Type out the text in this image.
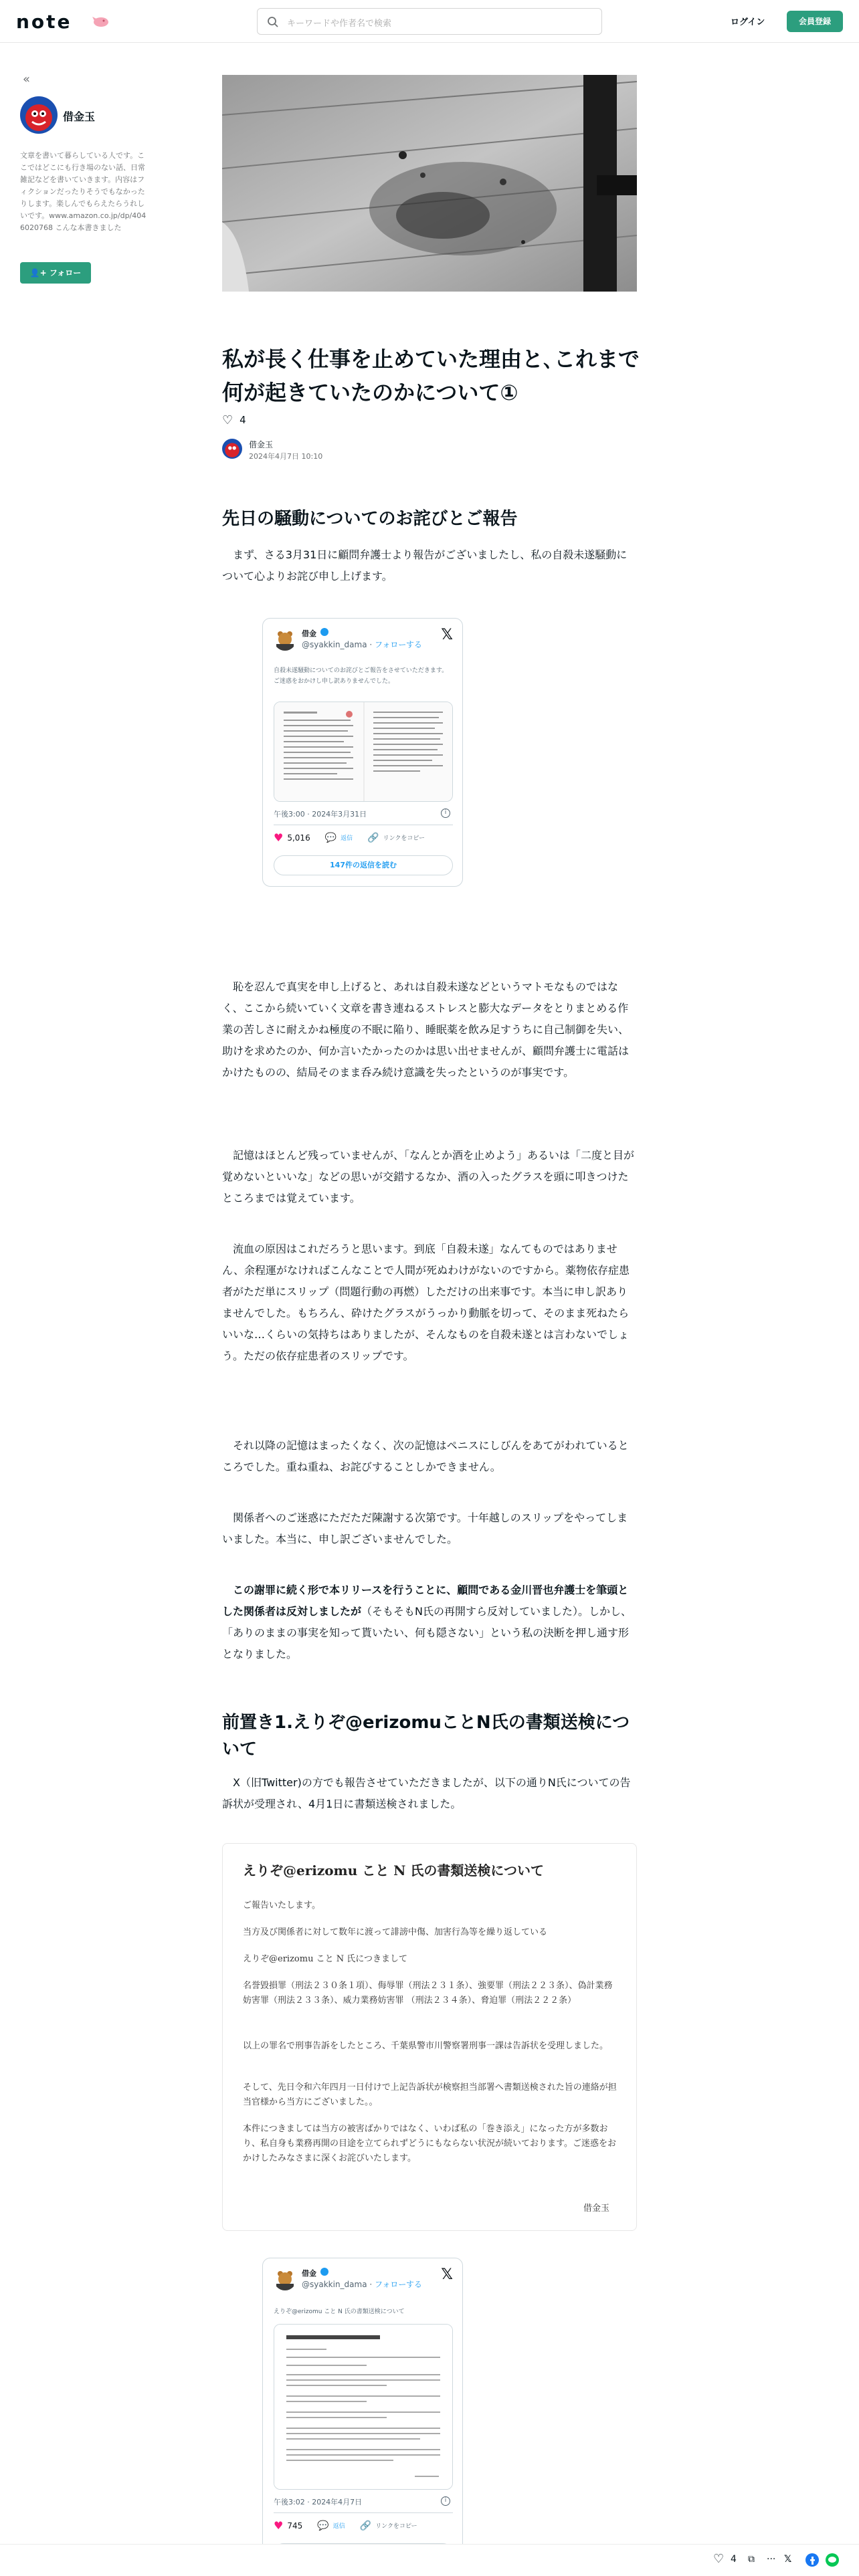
note	キーワードや作者名で検索	ログイン	会員登録
«
借金玉
文章を書いて暮らしている人です。ここではどこにも行き場のない話、日常雑記などを書いていきます。内容はフィクションだったりそうでもなかったりします。楽しんでもらえたらうれしいです。www.amazon.co.jp/dp/4046020768 こんな本書きました
👤+ フォロー
私が長く仕事を止めていた理由と､これまで何が起きていたのかについて①
♡ 4
借金玉
2024年4月7日 10:10
先日の騒動についてのお詫びとご報告

　まず、さる3月31日に顧問弁護士より報告がございましたし、私の自殺未遂騒動について心よりお詫び申し上げます。

借金
@syakkin_dama · フォローする
𝕏
自殺未遂騒動についてのお詫びとご報告をさせていただきます。ご迷惑をおかけし申し訳ありませんでした。
午後3:00 · 2024年3月31日	i
♥ 5,016 💬 返信 🔗 リンクをコピー
147件の返信を読む

　恥を忍んで真実を申し上げると、あれは自殺未遂などというマトモなものではなく、ここから続いていく文章を書き連ねるストレスと膨大なデータをとりまとめる作業の苦しさに耐えかね極度の不眠に陥り、睡眠薬を飲み足すうちに自己制御を失い、助けを求めたのか、何か言いたかったのかは思い出せませんが、顧問弁護士に電話はかけたものの、結局そのまま呑み続け意識を失ったというのが事実です。

　記憶はほとんど残っていませんが、「なんとか酒を止めよう」あるいは「二度と目が覚めないといいな」などの思いが交錯するなか、酒の入ったグラスを頭に叩きつけたところまでは覚えています。

　流血の原因はこれだろうと思います。到底「自殺未遂」なんてものではありません、余程運がなければこんなことで人間が死ぬわけがないのですから。薬物依存症患者がただ単にスリップ（問題行動の再燃）しただけの出来事です。本当に申し訳ありませんでした。もちろん、砕けたグラスがうっかり動脈を切って、そのまま死ねたらいいな…くらいの気持ちはありましたが、そんなものを自殺未遂とは言わないでしょう。ただの依存症患者のスリップです。

　それ以降の記憶はまったくなく、次の記憶はペニスにしびんをあてがわれているところでした。重ね重ね、お詫びすることしかできません。

　関係者へのご迷惑にただただ陳謝する次第です。十年越しのスリップをやってしまいました。本当に、申し訳ございませんでした。

　この謝罪に続く形で本リリースを行うことに、顧問である金川晋也弁護士を筆頭とした関係者は反対しましたが（そもそもN氏の再開すら反対していました）。しかし、「ありのままの事実を知って貰いたい、何も隠さない」という私の決断を押し通す形となりました。

前置き1.えりぞ@erizomuことN氏の書類送検について

　X（旧Twitter)の方でも報告させていただきましたが、以下の通りN氏についての告訴状が受理され、4月1日に書類送検されました。

えりぞ@erizomu こと N 氏の書類送検について
ご報告いたします。
当方及び関係者に対して数年に渡って誹謗中傷、加害行為等を繰り返している
えりぞ@erizomu こと N 氏につきまして
名誉毀損罪（刑法２３０条１項）、侮辱罪（刑法２３１条）、強要罪（刑法２２３条）、偽計業務妨害罪（刑法２３３条）、威力業務妨害罪 （刑法２３４条）、脅迫罪（刑法２２２条）
以上の罪名で刑事告訴をしたところ、千葉県警市川警察署刑事一課は告訴状を受理しました。
そして、先日令和六年四月一日付けで上記告訴状が検察担当部署へ書類送検された旨の連絡が担当官様から当方にございました。。
本件につきましては当方の被害ばかりではなく、いわば私の「巻き添え」になった方が多数おり、私自身も業務再開の目途を立てられずどうにもならない状況が続いております。ご迷惑をおかけしたみなさまに深くお詫びいたします。
借金玉
借金
@syakkin_dama · フォローする
𝕏
えりぞ@erizomu こと N 氏の書類送検について
午後3:02 · 2024年4月7日	i
♥ 745 💬 返信 🔗 リンクをコピー
♡ 4 ⧉ ··· 𝕏
